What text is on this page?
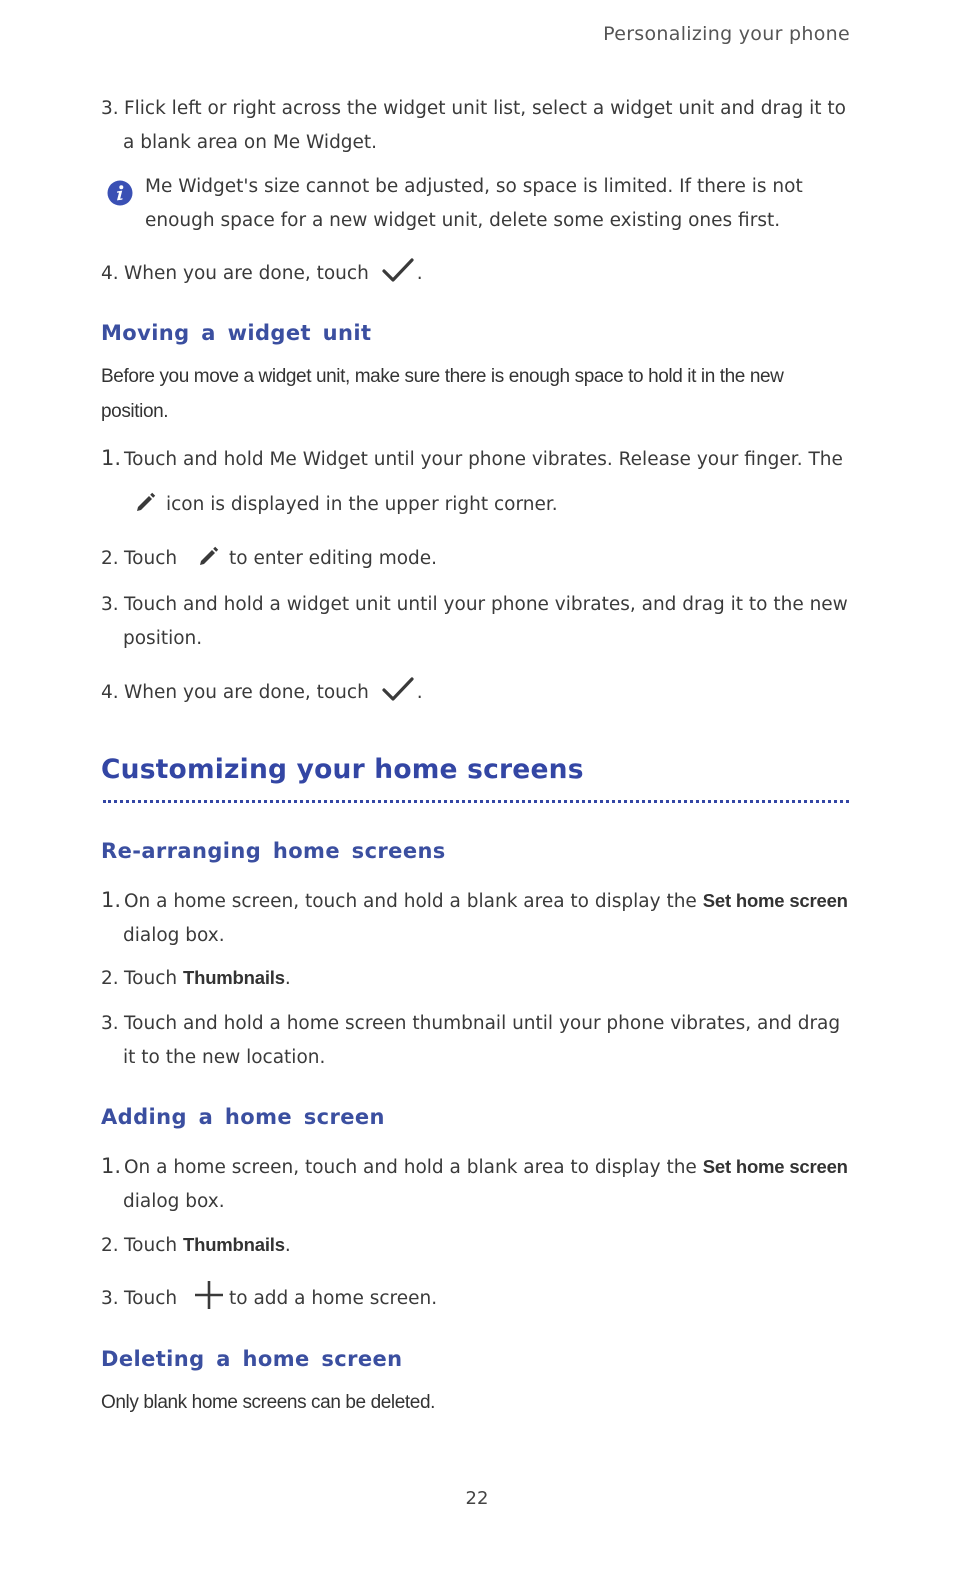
Personalizing your phone
3. Flick left or right across the widget unit list, select a widget unit and drag it to
a blank area on Me Widget.
Me Widget's size cannot be adjusted, so space is limited. If there is not
enough space for a new widget unit, delete some existing ones first.
4. When you are done, touch	.
Moving a widget unit
Before you move a widget unit, make sure there is enough space to hold it in the new
position.
1. Touch and hold Me Widget until your phone vibrates. Release your finger. The
icon is displayed in the upper right corner.
2. Touch	to enter editing mode.
3. Touch and hold a widget unit until your phone vibrates, and drag it to the new
position.
4. When you are done, touch	.
Customizing your home screens
Re-arranging home screens
1. On a home screen, touch and hold a blank area to display the Set home screen
dialog box.
2. Touch Thumbnails.
3. Touch and hold a home screen thumbnail until your phone vibrates, and drag
it to the new location.
Adding a home screen
1. On a home screen, touch and hold a blank area to display the Set home screen
dialog box.
2. Touch Thumbnails.
3. Touch	to add a home screen.
Deleting a home screen
Only blank home screens can be deleted.
22
